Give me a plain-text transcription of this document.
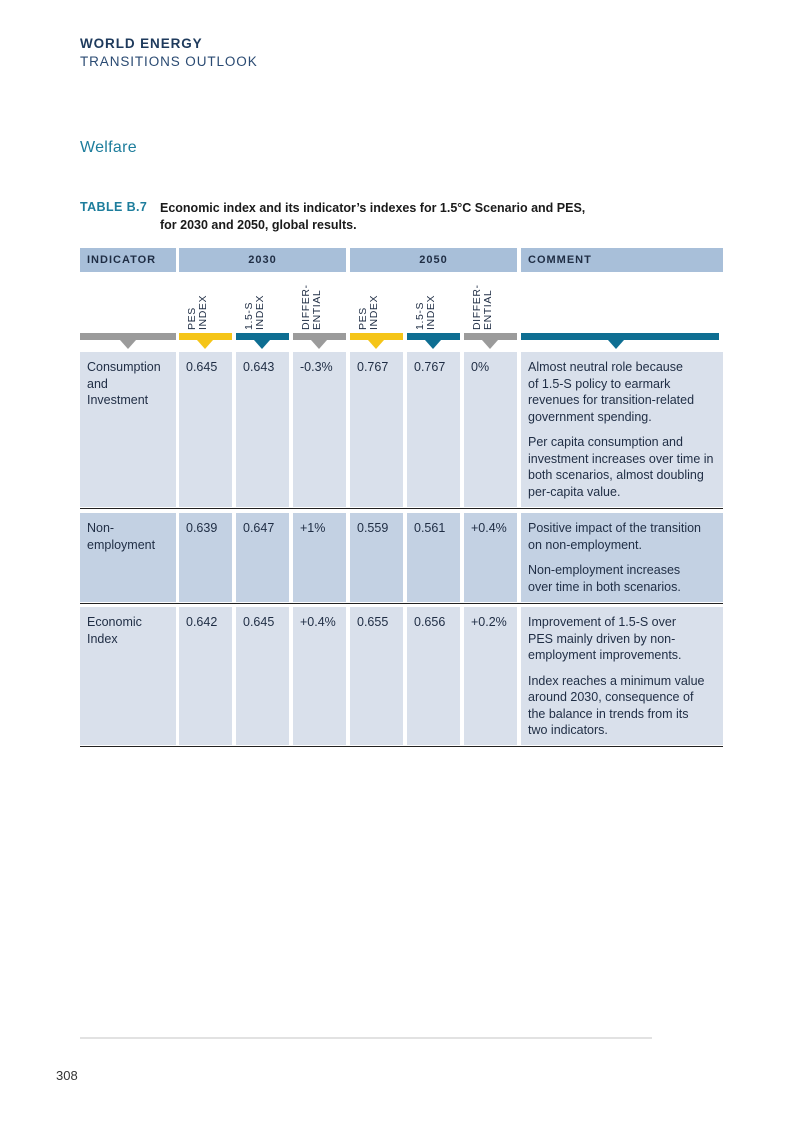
WORLD ENERGY
TRANSITIONS OUTLOOK
Welfare
TABLE B.7 Economic index and its indicator’s indexes for 1.5°C Scenario and PES,
for 2030 and 2050, global results.
INDICATOR	2030	2050	COMMENT
PES INDEX	1.5-S INDEX	DIFFER- ENTIAL	PES INDEX	1.5-S INDEX	DIFFER- ENTIAL
Consumption
and
Investment
0.645	0.643	-0.3%	0.767	0.767	0%	Almost neutral role because
of 1.5-S policy to earmark
revenues for transition-related
government spending.

Per capita consumption and
investment increases over time in
both scenarios, almost doubling
per-capita value.

Non-
employment
0.639	0.647	+1%	0.559	0.561	+0.4%	Positive impact of the transition
on non-employment.

Non-employment increases
over time in both scenarios.

Economic
Index
0.642	0.645	+0.4%	0.655	0.656	+0.2%	Improvement of 1.5-S over
PES mainly driven by non-
employment improvements.

Index reaches a minimum value
around 2030, consequence of
the balance in trends from its
two indicators.

308
